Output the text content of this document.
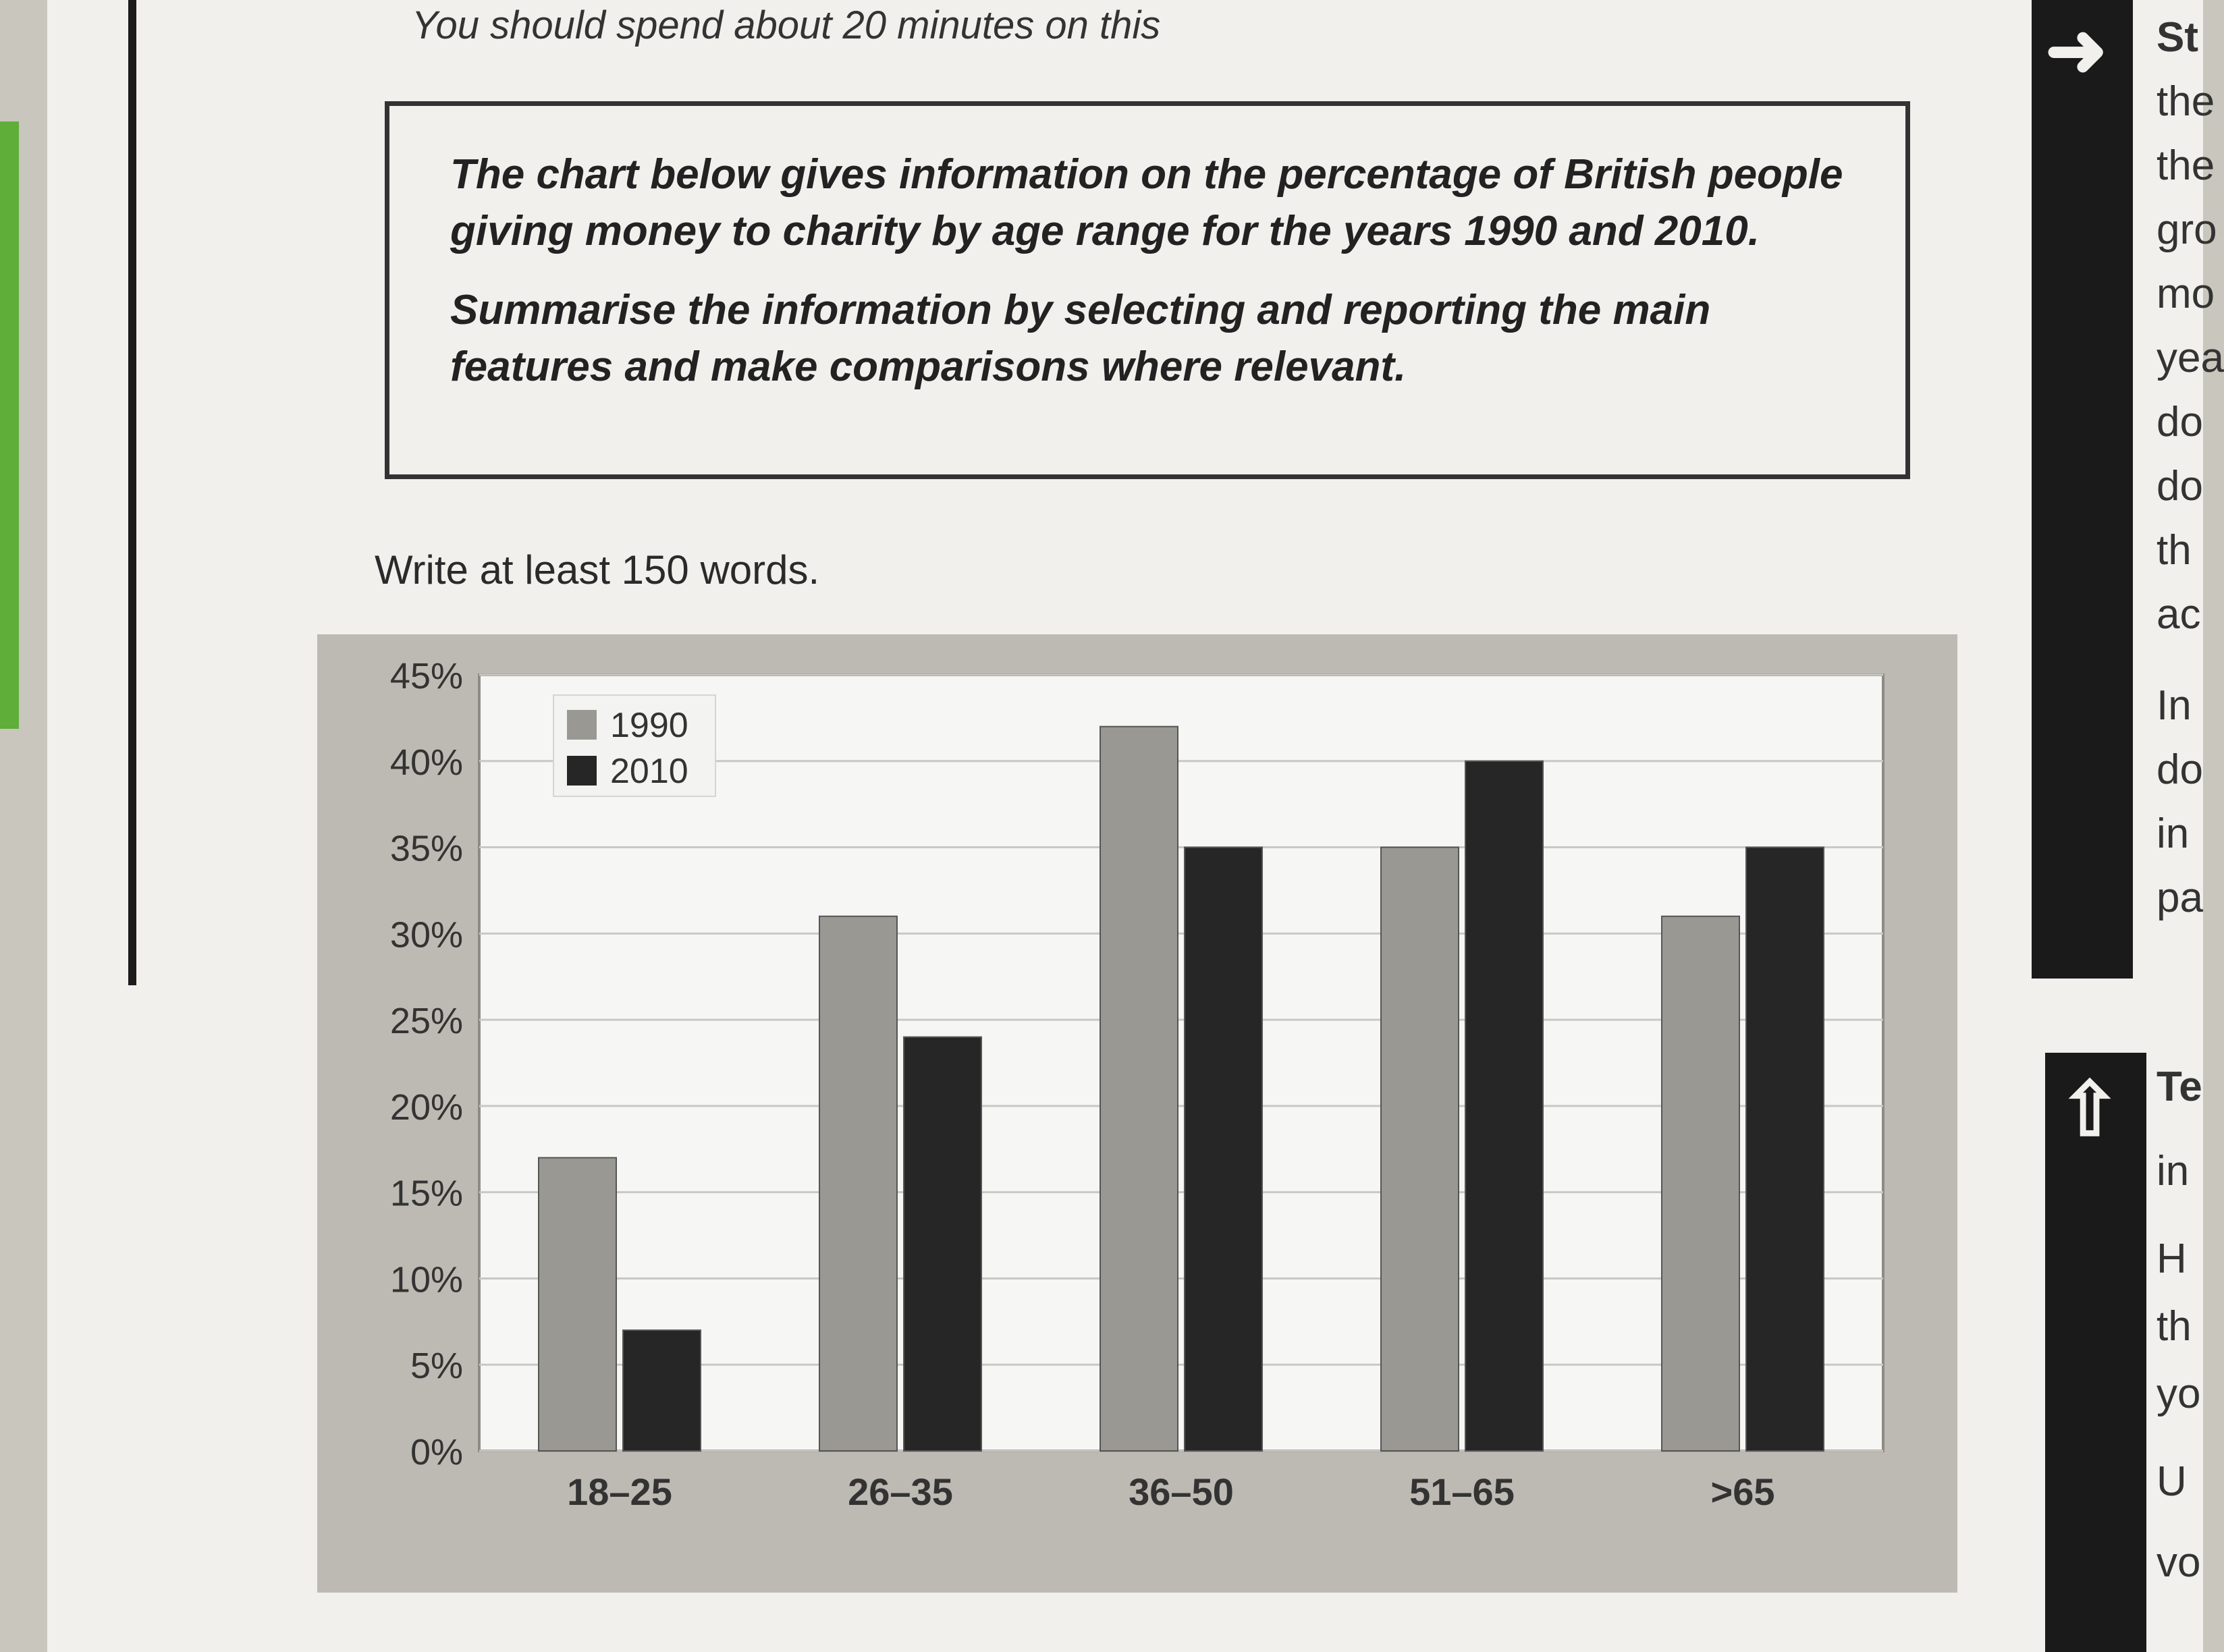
You should spend about 20 minutes on this

The chart below gives information on the percentage of British people giving money to charity by age range for the years 1990 and 2010.

Summarise the information by selecting and reporting the main features and make comparisons where relevant.

Write at least 150 words.
0%
5%
10%
15%
20%
25%
30%
35%
40%
45%
18–25	26–35	36–50	51–65	>65
1990
2010
➜
⇧
St
the
the
gro
mo
yea
do
do
th
ac
In
do
in
pa
Te
in
H
th
yo
U
vo
